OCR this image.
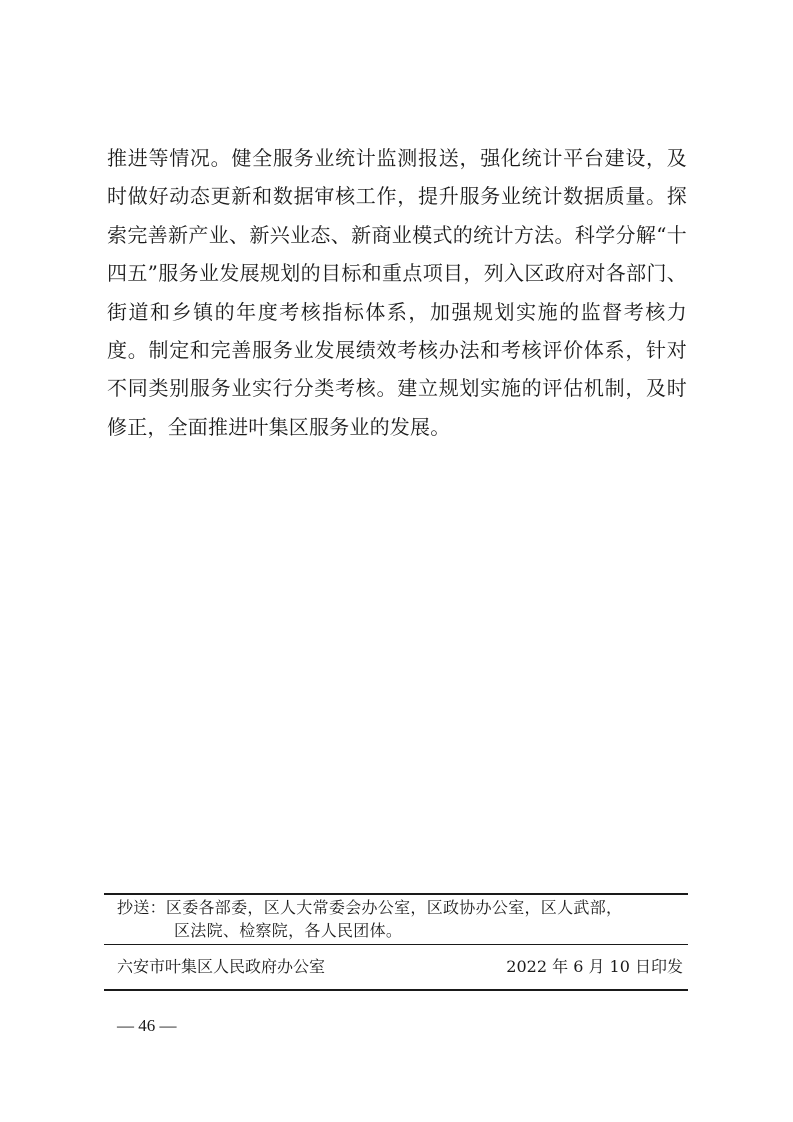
推进等情况。健全服务业统计监测报送，强化统计平台建设，及
时做好动态更新和数据审核工作，提升服务业统计数据质量。探
索完善新产业、新兴业态、新商业模式的统计方法。科学分解“十
四五”服务业发展规划的目标和重点项目，列入区政府对各部门、
街道和乡镇的年度考核指标体系，加强规划实施的监督考核力
度。制定和完善服务业发展绩效考核办法和考核评价体系，针对
不同类别服务业实行分类考核。建立规划实施的评估机制，及时
修正，全面推进叶集区服务业的发展。
抄送：区委各部委，区人大常委会办公室，区政协办公室，区人武部，
区法院、检察院，各人民团体。
六安市叶集区人民政府办公室	2022 年 6 月 10 日印发
— 46 —
